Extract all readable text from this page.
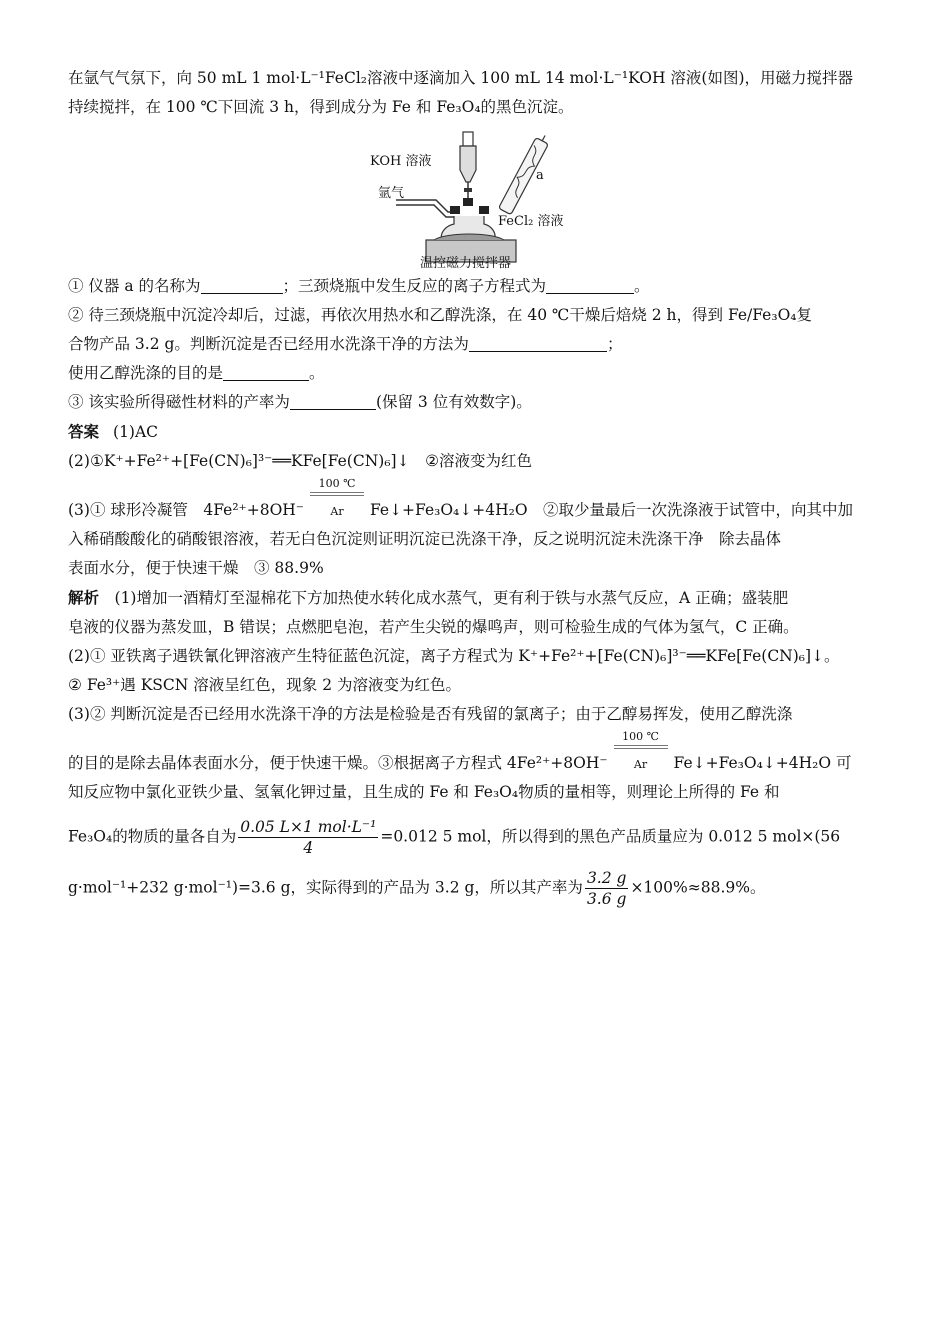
在氩气气氛下，向 50 mL 1 mol·L⁻¹FeCl₂溶液中逐滴加入 100 mL 14 mol·L⁻¹KOH 溶液(如图)，用磁力搅拌器

持续搅拌，在 100 ℃下回流 3 h，得到成分为 Fe 和 Fe₃O₄的黑色沉淀。

KOH 溶液
氩气
a
FeCl₂ 溶液
温控磁力搅拌器

① 仪器 a 的名称为	；三颈烧瓶中发生反应的离子方程式为	。

② 待三颈烧瓶中沉淀冷却后，过滤，再依次用热水和乙醇洗涤，在 40 ℃干燥后焙烧 2 h，得到 Fe/Fe₃O₄复

合物产品 3.2 g。判断沉淀是否已经用水洗涤干净的方法为	；

使用乙醇洗涤的目的是	。

③ 该实验所得磁性材料的产率为	(保留 3 位有效数字)。

答案 (1)AC

(2)①K⁺+Fe²⁺+[Fe(CN)₆]³⁻══KFe[Fe(CN)₆]↓　②溶液变为红色

(3)① 球形冷凝管　$4Fe^{2+}+8OH^- \frac{100 ℃}{Ar}$ Fe↓+Fe₃O₄↓+4H₂O　②取少量最后一次洗涤液于试管中，向其中加

入稀硝酸酸化的硝酸银溶液，若无白色沉淀则证明沉淀已洗涤干净，反之说明沉淀未洗涤干净　除去晶体

表面水分，便于快速干燥　③ 88.9%

解析　(1)增加一酒精灯至湿棉花下方加热使水转化成水蒸气，更有利于铁与水蒸气反应，A 正确；盛装肥

皂液的仪器为蒸发皿，B 错误；点燃肥皂泡，若产生尖锐的爆鸣声，则可检验生成的气体为氢气，C 正确。

(2)① 亚铁离子遇铁氰化钾溶液产生特征蓝色沉淀，离子方程式为 K⁺+Fe²⁺+[Fe(CN)₆]³⁻══KFe[Fe(CN)₆]↓。

② Fe³⁺遇 KSCN 溶液呈红色，现象 2 为溶液变为红色。

(3)② 判断沉淀是否已经用水洗涤干净的方法是检验是否有残留的氯离子；由于乙醇易挥发，使用乙醇洗涤

的目的是除去晶体表面水分，便于快速干燥。③根据离子方程式 $4Fe^{2+}+8OH^- \frac{100 ℃}{Ar}$ Fe↓+Fe₃O₄↓+4H₂O 可

知反应物中氯化亚铁少量、氢氧化钾过量，且生成的 Fe 和 Fe₃O₄物质的量相等，则理论上所得的 Fe 和

Fe₃O₄的物质的量各自为 $\frac{\text{0.05 L×1 mol·L⁻¹}}{4} =0.012$ 5 mol，所以得到的黑色产品质量应为 0.012 5 mol×(56

g·mol⁻¹+232 g·mol⁻¹)=3.6 g，实际得到的产品为 3.2 g，所以其产率为 $\frac{3.2 g}{3.6 g} \times 100\%\approx 88.9\%$。
